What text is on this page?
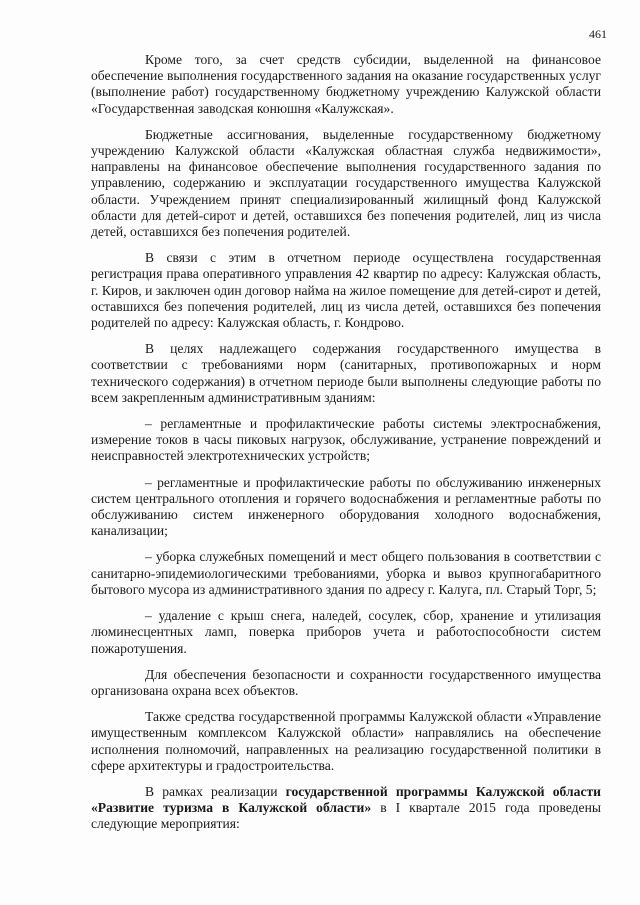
461

Кроме того, за счет средств субсидии, выделенной на финансовое обеспечение выполнения государственного задания на оказание государственных услуг (выполнение работ) государственному бюджетному учреждению Калужской области «Государственная заводская конюшня «Калужская».

Бюджетные ассигнования, выделенные государственному бюджетному учреждению Калужской области «Калужская областная служба недвижимости», направлены на финансовое обеспечение выполнения государственного задания по управлению, содержанию и эксплуатации государственного имущества Калужской области. Учреждением принят специализированный жилищный фонд Калужской области для детей-сирот и детей, оставшихся без попечения родителей, лиц из числа детей, оставшихся без попечения родителей.

В связи с этим в отчетном периоде осуществлена государственная регистрация права оперативного управления 42 квартир по адресу: Калужская область, г. Киров, и заключен один договор найма на жилое помещение для детей-сирот и детей, оставшихся без попечения родителей, лиц из числа детей, оставшихся без попечения родителей по адресу: Калужская область, г. Кондрово.

В целях надлежащего содержания государственного имущества в соответствии с требованиями норм (санитарных, противопожарных и норм технического содержания) в отчетном периоде были выполнены следующие работы по всем закрепленным административным зданиям:

– регламентные и профилактические работы системы электроснабжения, измерение токов в часы пиковых нагрузок, обслуживание, устранение повреждений и неисправностей электротехнических устройств;

– регламентные и профилактические работы по обслуживанию инженерных систем центрального отопления и горячего водоснабжения и регламентные работы по обслуживанию систем инженерного оборудования холодного водоснабжения, канализации;

– уборка служебных помещений и мест общего пользования в соответствии с санитарно-эпидемиологическими требованиями, уборка и вывоз крупногабаритного бытового мусора из административного здания по адресу г. Калуга, пл. Старый Торг, 5;

– удаление с крыш снега, наледей, сосулек, сбор, хранение и утилизация люминесцентных ламп, поверка приборов учета и работоспособности систем пожаротушения.

Для обеспечения безопасности и сохранности государственного имущества организована охрана всех объектов.

Также средства государственной программы Калужской области «Управление имущественным комплексом Калужской области» направлялись на обеспечение исполнения полномочий, направленных на реализацию государственной политики в сфере архитектуры и градостроительства.

В рамках реализации государственной программы Калужской области «Развитие туризма в Калужской области» в I квартале 2015 года проведены следующие мероприятия:
